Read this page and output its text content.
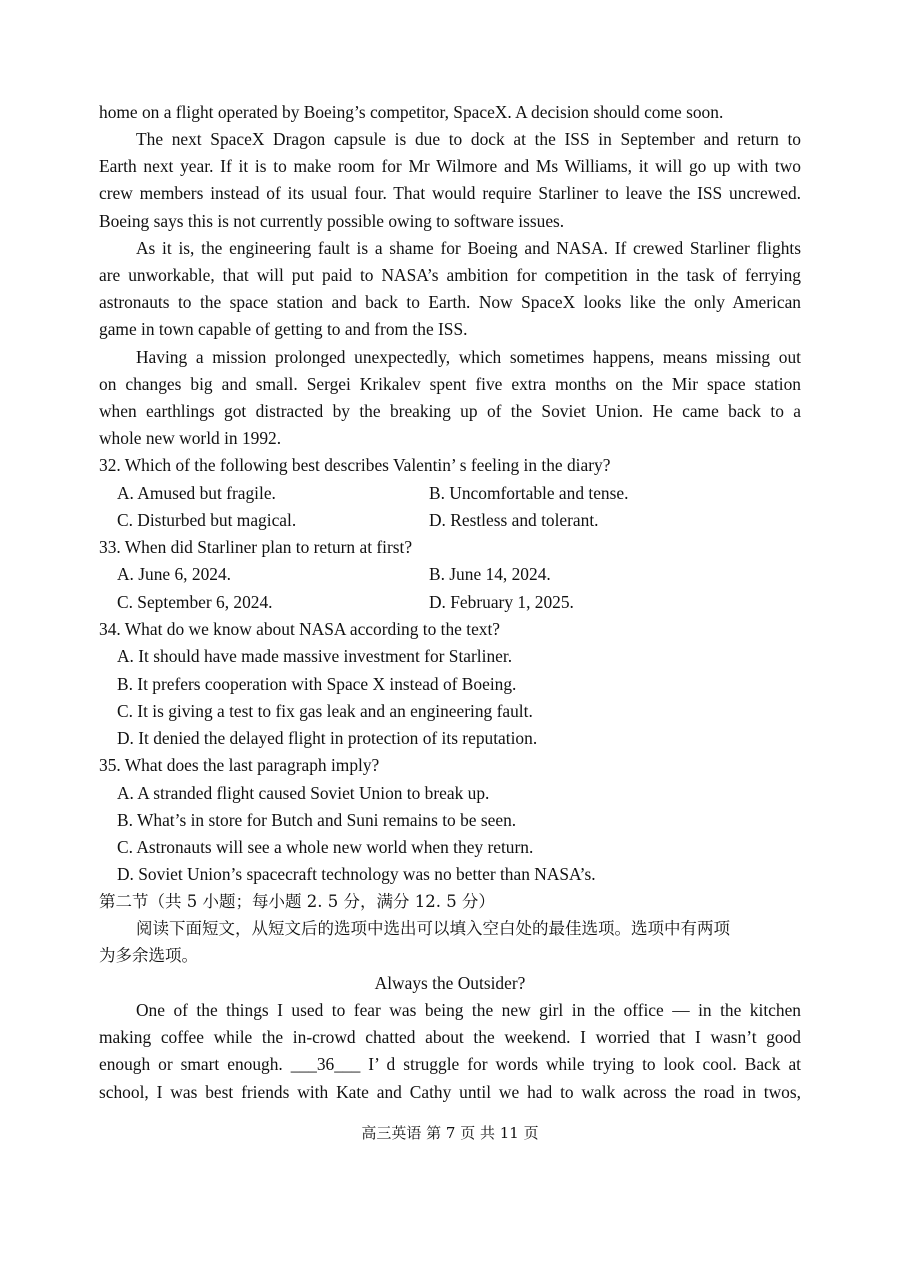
home on a flight operated by Boeing’s competitor, SpaceX. A decision should come soon.
The next SpaceX Dragon capsule is due to dock at the ISS in September and return to
Earth next year. If it is to make room for Mr Wilmore and Ms Williams, it will go up with two
crew members instead of its usual four. That would require Starliner to leave the ISS uncrewed.
Boeing says this is not currently possible owing to software issues.
As it is, the engineering fault is a shame for Boeing and NASA. If crewed Starliner flights
are unworkable, that will put paid to NASA’s ambition for competition in the task of ferrying
astronauts to the space station and back to Earth. Now SpaceX looks like the only American
game in town capable of getting to and from the ISS.
Having a mission prolonged unexpectedly, which sometimes happens, means missing out
on changes big and small. Sergei Krikalev spent five extra months on the Mir space station
when earthlings got distracted by the breaking up of the Soviet Union. He came back to a
whole new world in 1992.
32. Which of the following best describes Valentin’ s feeling in the diary?
A. Amused but fragile.	B. Uncomfortable and tense.
C. Disturbed but magical.	D. Restless and tolerant.
33. When did Starliner plan to return at first?
A. June 6, 2024.	B. June 14, 2024.
C. September 6, 2024.	D. February 1, 2025.
34. What do we know about NASA according to the text?
A. It should have made massive investment for Starliner.
B. It prefers cooperation with Space X instead of Boeing.
C. It is giving a test to fix gas leak and an engineering fault.
D. It denied the delayed flight in protection of its reputation.
35. What does the last paragraph imply?
A. A stranded flight caused Soviet Union to break up.
B. What’s in store for Butch and Suni remains to be seen.
C. Astronauts will see a whole new world when they return.
D. Soviet Union’s spacecraft technology was no better than NASA’s.
第二节（共 5 小题；每小题 2. 5 分，满分 12. 5 分）
阅读下面短文，从短文后的选项中选出可以填入空白处的最佳选项。选项中有两项
为多余选项。
Always the Outsider?
One of the things I used to fear was being the new girl in the office — in the kitchen
making coffee while the in-crowd chatted about the weekend. I worried that I wasn’t good
enough or smart enough. ___36___ I’ d struggle for words while trying to look cool. Back at
school, I was best friends with Kate and Cathy until we had to walk across the road in twos,
高三英语 第 7 页 共 11 页
